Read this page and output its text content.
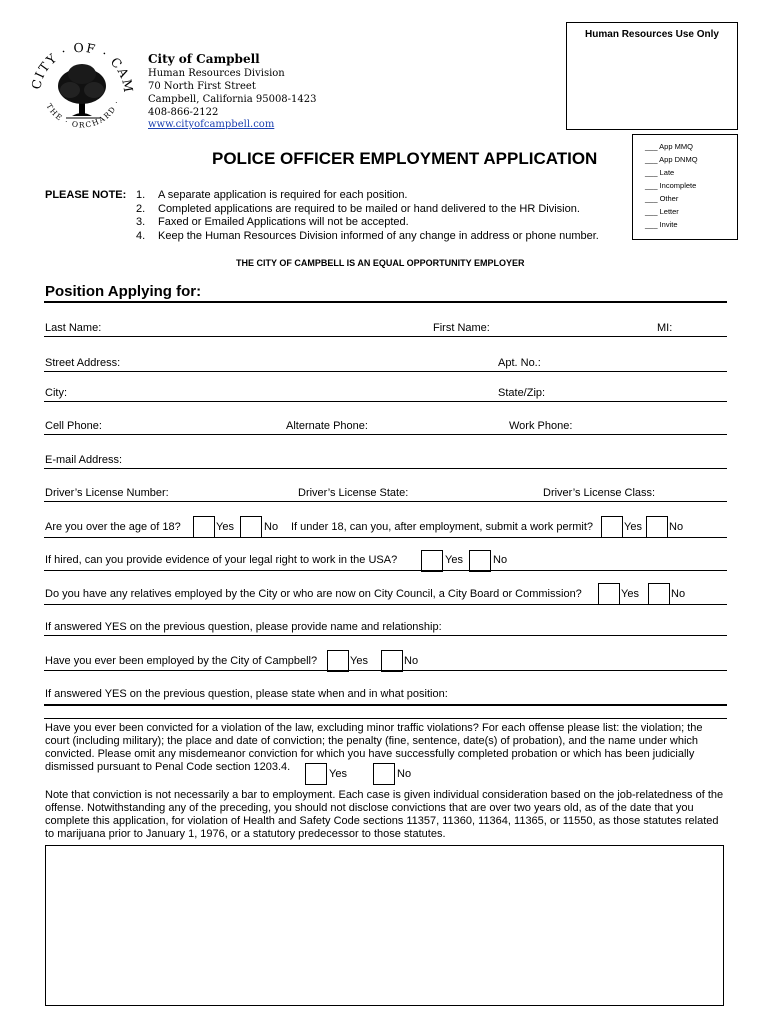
CITY · OF · CAM
THE · ORCHARD ·
City of Campbell
Human Resources Division
70 North First Street
Campbell, California 95008-1423
408-866-2122
www.cityofcampbell.com
Human Resources Use Only
___ App MMQ
___ App DNMQ
___ Late
___ Incomplete
___ Other
___ Letter
___ Invite
POLICE OFFICER EMPLOYMENT APPLICATION
PLEASE NOTE: 1. A separate application is required for each position.
2. Completed applications are required to be mailed or hand delivered to the HR Division.
3. Faxed or Emailed Applications will not be accepted.
4. Keep the Human Resources Division informed of any change in address or phone number.
THE CITY OF CAMPBELL IS AN EQUAL OPPORTUNITY EMPLOYER
Position Applying for:
Last Name:	First Name:	MI:
Street Address:	Apt. No.:
City:	State/Zip:
Cell Phone:	Alternate Phone:	Work Phone:
E-mail Address:
Driver’s License Number:	Driver’s License State:	Driver’s License Class:
Are you over the age of 18?	Yes	No If under 18, can you, after employment, submit a work permit?	Yes No
If hired, can you provide evidence of your legal right to work in the USA?	Yes	No
Do you have any relatives employed by the City or who are now on City Council, a City Board or Commission?	Yes	No
If answered YES on the previous question, please provide name and relationship:
Have you ever been employed by the City of Campbell?	Yes	No
If answered YES on the previous question, please state when and in what position:
Have you ever been convicted for a violation of the law, excluding minor traffic violations? For each offense please list: the violation; the court (including military); the place and date of conviction; the penalty (fine, sentence, date(s) of probation), and the name under which convicted. Please omit any misdemeanor conviction for which you have successfully completed probation or which has been judicially dismissed pursuant to Penal Code section 1203.4.
Yes	No
Note that conviction is not necessarily a bar to employment. Each case is given individual consideration based on the job-relatedness of the offense. Notwithstanding any of the preceding, you should not disclose convictions that are over two years old, as of the date that you complete this application, for violation of Health and Safety Code sections 11357, 11360, 11364, 11365, or 11550, as those statutes related to marijuana prior to January 1, 1976, or a statutory predecessor to those statutes.
